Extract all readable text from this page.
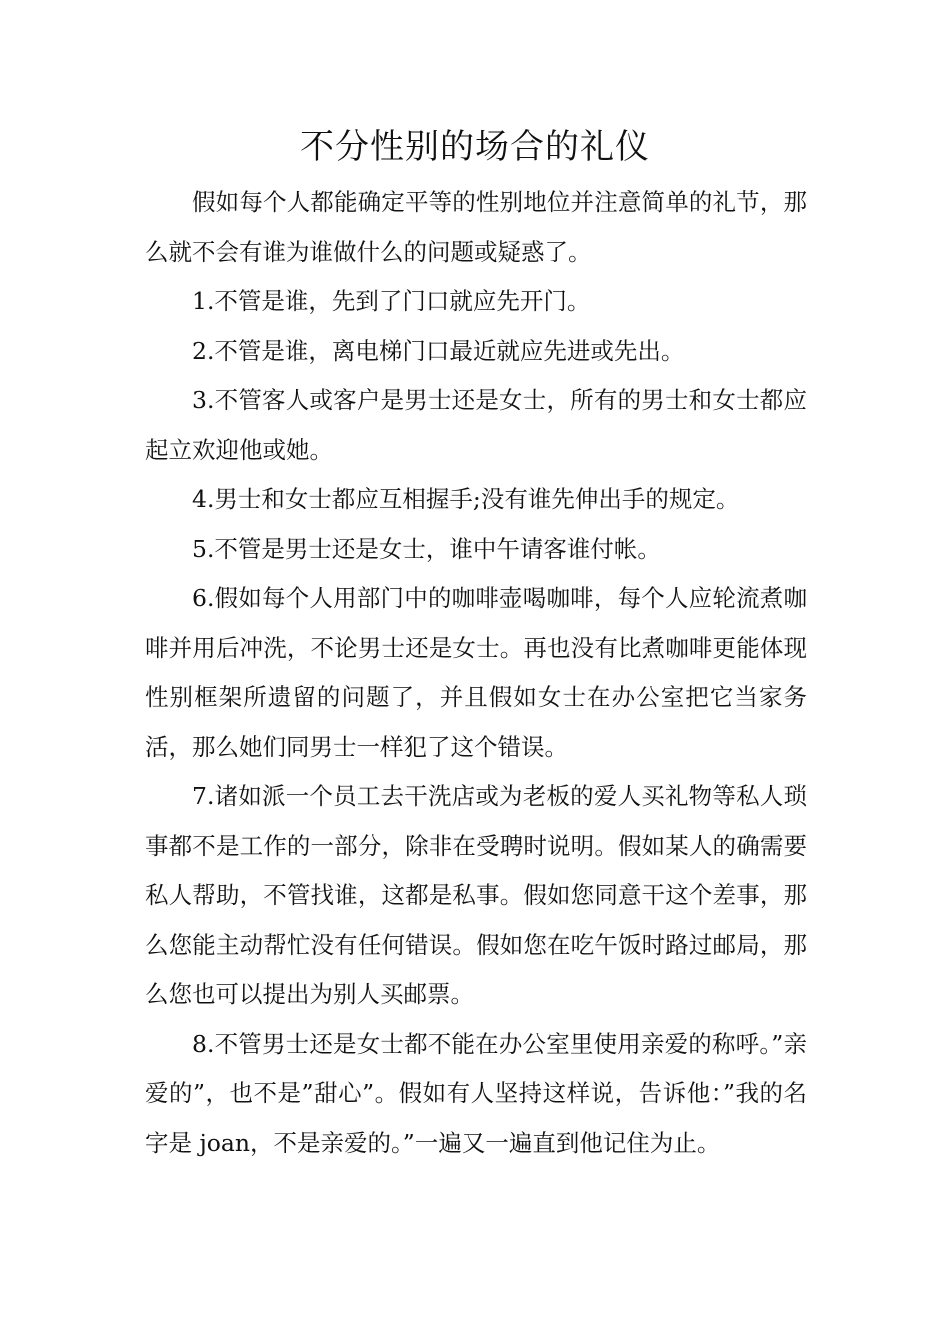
不分性别的场合的礼仪

假如每个人都能确定平等的性别地位并注意简单的礼节，那么就不会有谁为谁做什么的问题或疑惑了。

1.不管是谁，先到了门口就应先开门。

2.不管是谁，离电梯门口最近就应先进或先出。

3.不管客人或客户是男士还是女士，所有的男士和女士都应起立欢迎他或她。

4.男士和女士都应互相握手;没有谁先伸出手的规定。

5.不管是男士还是女士，谁中午请客谁付帐。

6.假如每个人用部门中的咖啡壶喝咖啡，每个人应轮流煮咖啡并用后冲洗，不论男士还是女士。再也没有比煮咖啡更能体现性别框架所遗留的问题了，并且假如女士在办公室把它当家务活，那么她们同男士一样犯了这个错误。

7.诸如派一个员工去干洗店或为老板的爱人买礼物等私人琐事都不是工作的一部分，除非在受聘时说明。假如某人的确需要私人帮助，不管找谁，这都是私事。假如您同意干这个差事，那么您能主动帮忙没有任何错误。假如您在吃午饭时路过邮局，那么您也可以提出为别人买邮票。

8.不管男士还是女士都不能在办公室里使用亲爱的称呼。”亲爱的”，也不是”甜心”。假如有人坚持这样说，告诉他：”我的名字是 joan，不是亲爱的。”一遍又一遍直到他记住为止。
